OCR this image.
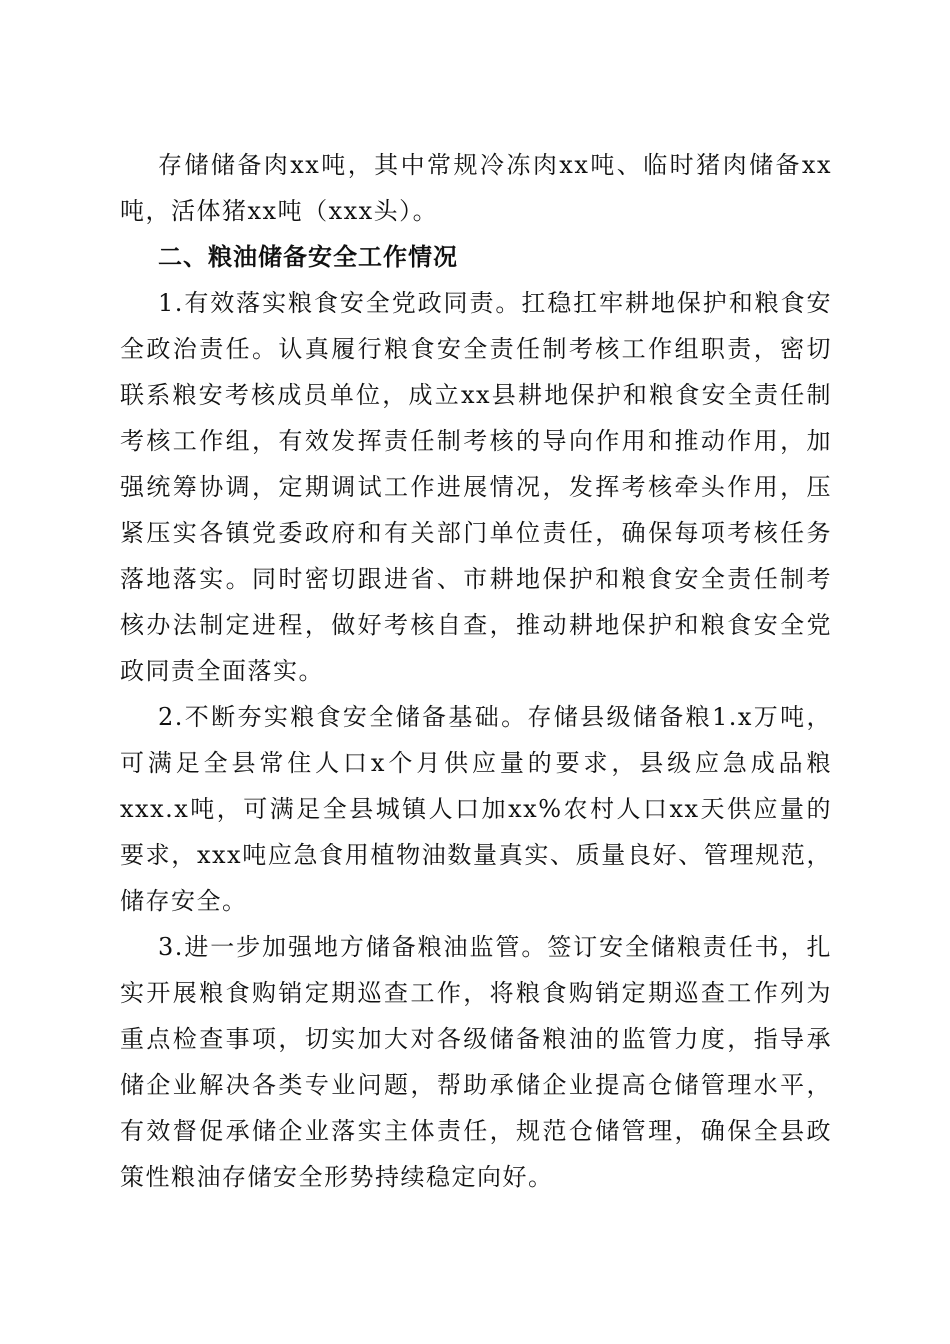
存储储备肉xx吨，其中常规冷冻肉xx吨、临时猪肉储备xx吨，活体猪xx吨（xxx头）。

二、粮油储备安全工作情况

1.有效落实粮食安全党政同责。扛稳扛牢耕地保护和粮食安全政治责任。认真履行粮食安全责任制考核工作组职责，密切联系粮安考核成员单位，成立xx县耕地保护和粮食安全责任制考核工作组，有效发挥责任制考核的导向作用和推动作用，加强统筹协调，定期调试工作进展情况，发挥考核牵头作用，压紧压实各镇党委政府和有关部门单位责任，确保每项考核任务落地落实。同时密切跟进省、市耕地保护和粮食安全责任制考核办法制定进程，做好考核自查，推动耕地保护和粮食安全党政同责全面落实。

2.不断夯实粮食安全储备基础。存储县级储备粮1.x万吨，可满足全县常住人口x个月供应量的要求，县级应急成品粮xxx.x吨，可满足全县城镇人口加xx%农村人口xx天供应量的要求，xxx吨应急食用植物油数量真实、质量良好、管理规范，储存安全。

3.进一步加强地方储备粮油监管。签订安全储粮责任书，扎实开展粮食购销定期巡查工作，将粮食购销定期巡查工作列为重点检查事项，切实加大对各级储备粮油的监管力度，指导承储企业解决各类专业问题，帮助承储企业提高仓储管理水平，有效督促承储企业落实主体责任，规范仓储管理，确保全县政策性粮油存储安全形势持续稳定向好。
